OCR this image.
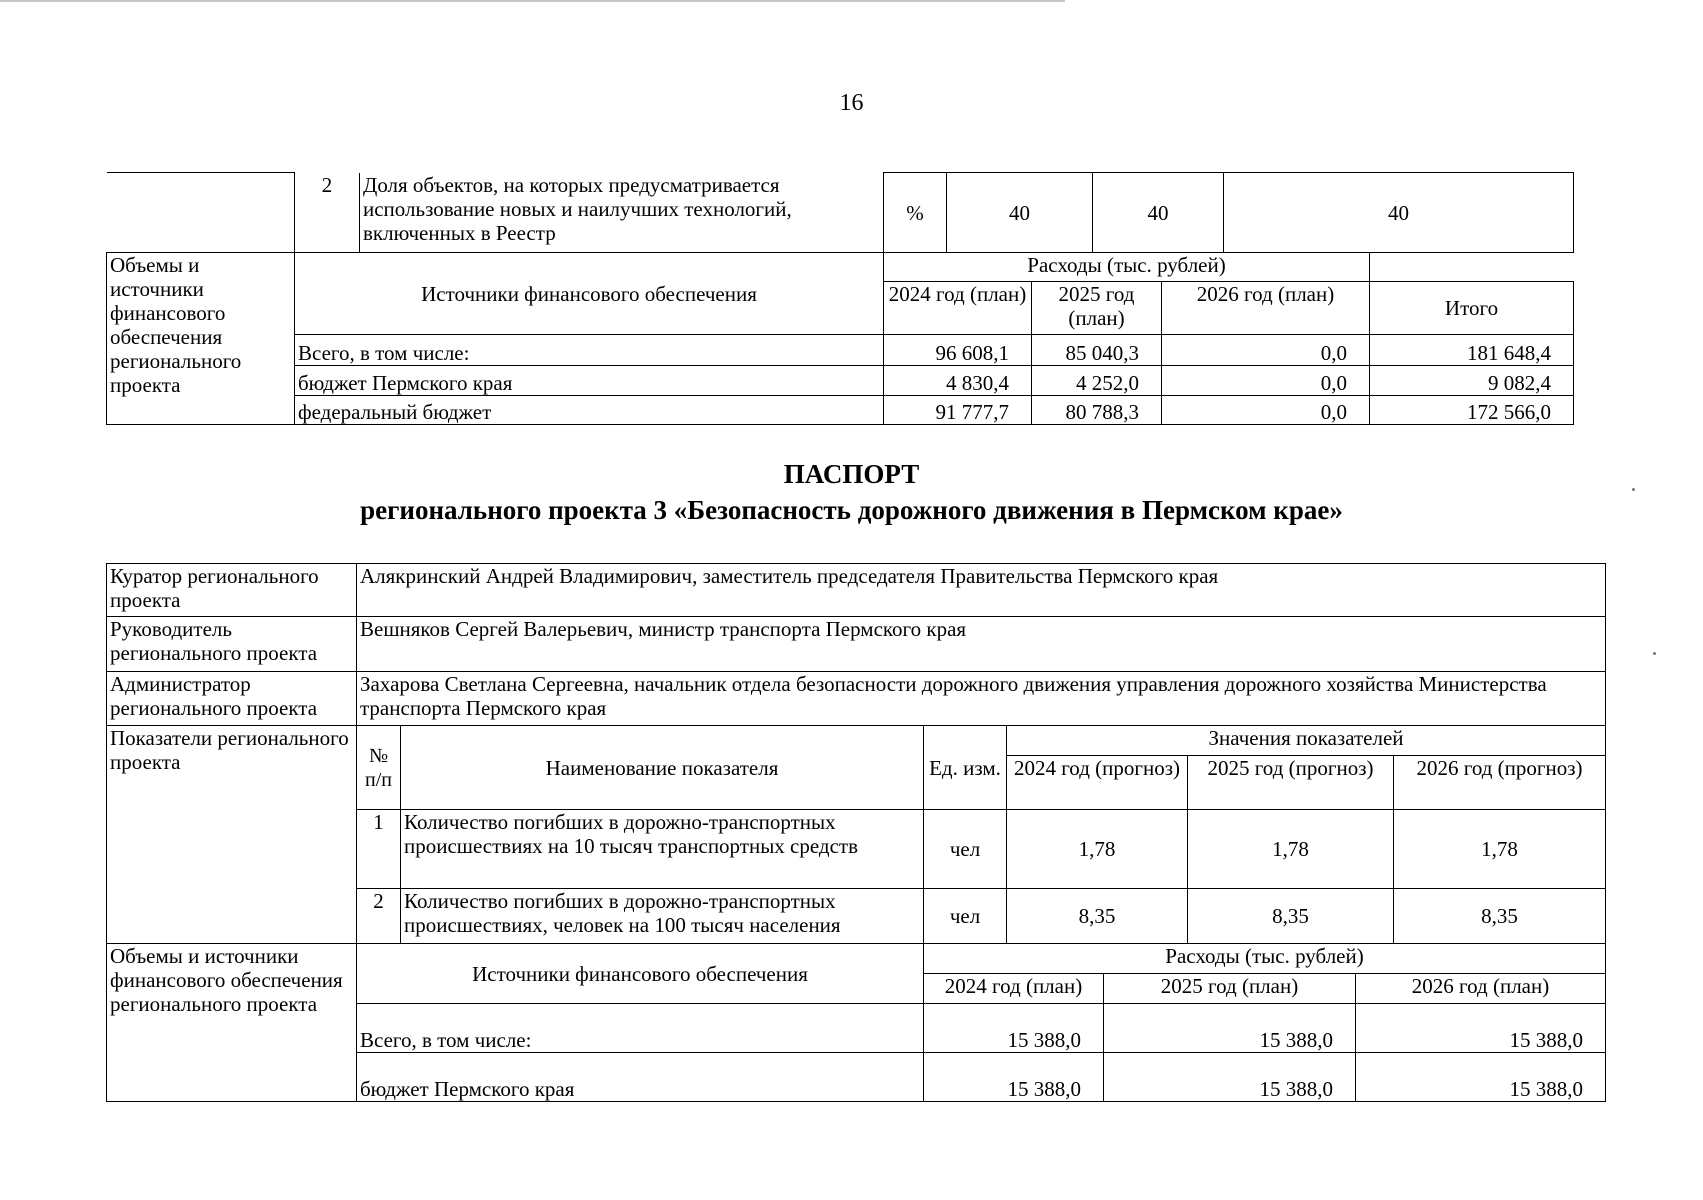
16
	2	Доля объектов, на которых предусматривается использование новых и наилучших технологий, включенных в Реестр	%	40		40		40	
Объемы и источники финансового обеспечения регионального проекта	Источники финансового обеспечения		Расходы (тыс. рублей)						
			2024 год (план)		2025 год (план)		2026 год (план)		Итого
	Всего, в том числе:		96 608,1		85 040,3		0,0		181 648,4
	бюджет Пермского края		4 830,4		4 252,0		0,0		9 082,4
	федеральный бюджет		91 777,7		80 788,3		0,0		172 566,0
ПАСПОРТ
регионального проекта 3 «Безопасность дорожного движения в Пермском крае»
Куратор регионального проекта	Алякринский Андрей Владимирович, заместитель председателя Правительства Пермского края								
Руководитель регионального проекта	Вешняков Сергей Валерьевич, министр транспорта Пермского края								
Администратор регионального проекта	Захарова Светлана Сергеевна, начальник отдела безопасности дорожного движения управления дорожного хозяйства Министерства транспорта Пермского края								
Показатели регионального проекта	№ п/п	Наименование показателя	Ед. изм.	Значения показателей					
				2024 год (прогноз)		2025 год (прогноз)		2026 год (прогноз)	
	1	Количество погибших в дорожно-транспортных происшествиях на 10 тысяч транспортных средств	чел	1,78		1,78		1,78	
	2	Количество погибших в дорожно-транспортных происшествиях, человек на 100 тысяч населения	чел	8,35		8,35		8,35	
Объемы и источники финансового обеспечения регионального проекта	Источники финансового обеспечения		Расходы (тыс. рублей)						
			2024 год (план)		2025 год (план)		2026 год (план)	
	Всего, в том числе:		15 388,0		15 388,0		15 388,0	
	бюджет Пермского края		15 388,0		15 388,0		15 388,0	
